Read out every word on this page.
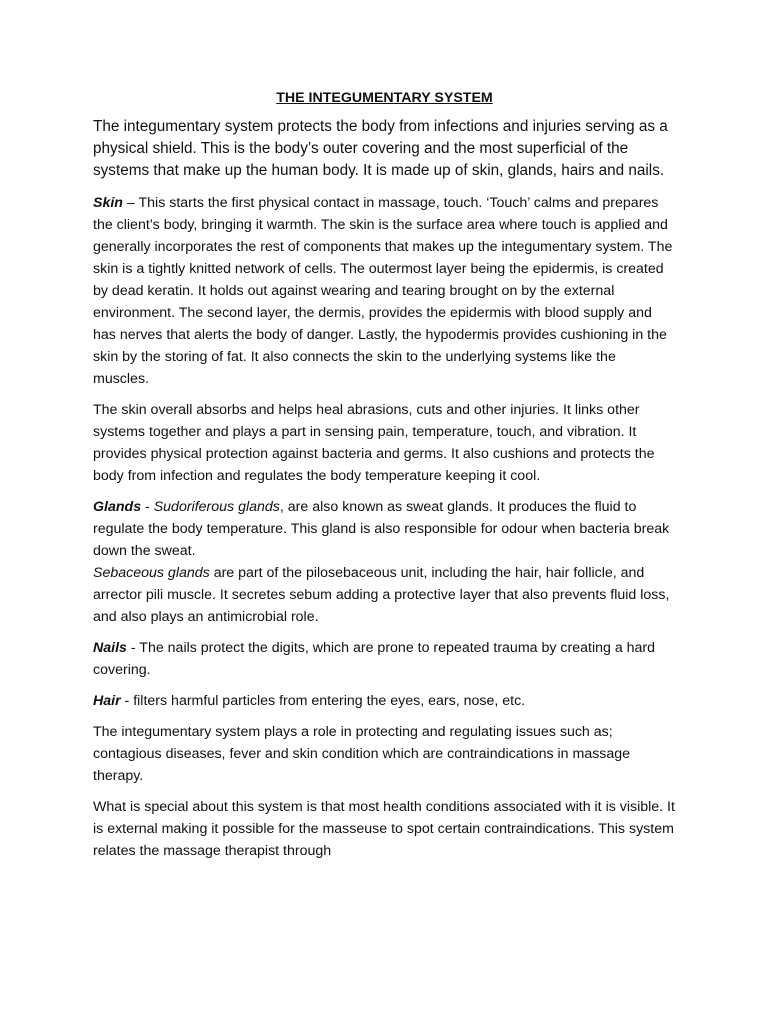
THE INTEGUMENTARY SYSTEM

The integumentary system protects the body from infections and injuries serving as a physical shield. This is the body’s outer covering and the most superficial of the systems that make up the human body. It is made up of skin, glands, hairs and nails.

Skin – This starts the first physical contact in massage, touch. ‘Touch’ calms and prepares the client’s body, bringing it warmth. The skin is the surface area where touch is applied and generally incorporates the rest of components that makes up the integumentary system. The skin is a tightly knitted network of cells. The outermost layer being the epidermis, is created by dead keratin. It holds out against wearing and tearing brought on by the external environment. The second layer, the dermis, provides the epidermis with blood supply and has nerves that alerts the body of danger. Lastly, the hypodermis provides cushioning in the skin by the storing of fat. It also connects the skin to the underlying systems like the muscles.

The skin overall absorbs and helps heal abrasions, cuts and other injuries. It links other systems together and plays a part in sensing pain, temperature, touch, and vibration. It provides physical protection against bacteria and germs. It also cushions and protects the body from infection and regulates the body temperature keeping it cool.

Glands - Sudoriferous glands, are also known as sweat glands. It produces the fluid to regulate the body temperature. This gland is also responsible for odour when bacteria break down the sweat.

Sebaceous glands are part of the pilosebaceous unit, including the hair, hair follicle, and arrector pili muscle. It secretes sebum adding a protective layer that also prevents fluid loss, and also plays an antimicrobial role.

Nails - The nails protect the digits, which are prone to repeated trauma by creating a hard covering.

Hair - filters harmful particles from entering the eyes, ears, nose, etc.

The integumentary system plays a role in protecting and regulating issues such as; contagious diseases, fever and skin condition which are contraindications in massage therapy.

What is special about this system is that most health conditions associated with it is visible. It is external making it possible for the masseuse to spot certain contraindications. This system relates the massage therapist through
